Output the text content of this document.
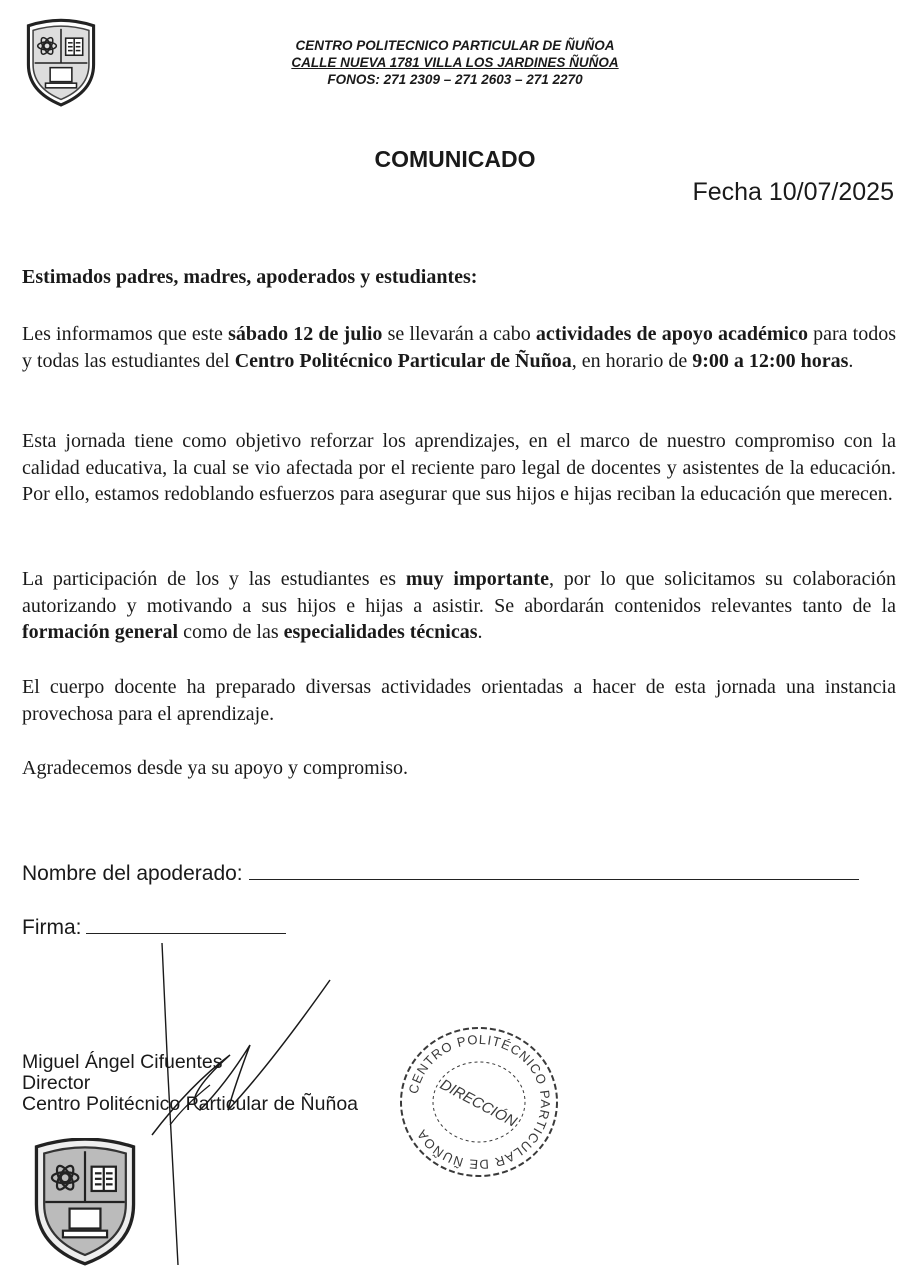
CENTRO POLITECNICO PARTICULAR DE ÑUÑOA
CALLE NUEVA 1781 VILLA LOS JARDINES ÑUÑOA
FONOS: 271 2309 – 271 2603 – 271 2270
COMUNICADO
Fecha 10/07/2025
Estimados padres, madres, apoderados y estudiantes:

Les informamos que este sábado 12 de julio se llevarán a cabo actividades de apoyo académico para todos y todas las estudiantes del Centro Politécnico Particular de Ñuñoa, en horario de 9:00 a 12:00 horas.

Esta jornada tiene como objetivo reforzar los aprendizajes, en el marco de nuestro compromiso con la calidad educativa, la cual se vio afectada por el reciente paro legal de docentes y asistentes de la educación. Por ello, estamos redoblando esfuerzos para asegurar que sus hijos e hijas reciban la educación que merecen.

La participación de los y las estudiantes es muy importante, por lo que solicitamos su colaboración autorizando y motivando a sus hijos e hijas a asistir. Se abordarán contenidos relevantes tanto de la formación general como de las especialidades técnicas.

El cuerpo docente ha preparado diversas actividades orientadas a hacer de esta jornada una instancia provechosa para el aprendizaje.

Agradecemos desde ya su apoyo y compromiso.

Nombre del apoderado:
Firma:
Miguel Ángel Cifuentes
Director
Centro Politécnico Particular de Ñuñoa
CENTRO POLITÉCNICO PARTICULAR DE ÑUÑOA
DIRECCIÓN
